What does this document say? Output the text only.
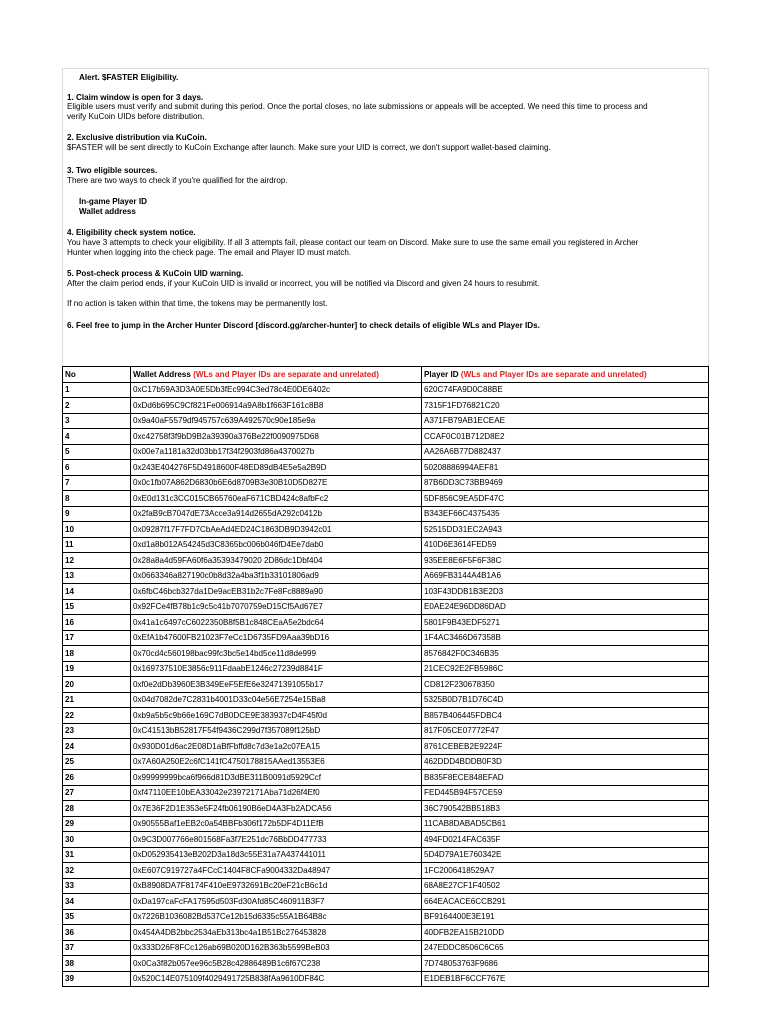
Alert. $FASTER Eligibility.
1. Claim window is open for 3 days.
Eligible users must verify and submit during this period. Once the portal closes, no late submissions or appeals will be accepted. We need this time to process and
verify KuCoin UIDs before distribution.
2. Exclusive distribution via KuCoin.
$FASTER will be sent directly to KuCoin Exchange after launch. Make sure your UID is correct, we don't support wallet-based claiming.
3. Two eligible sources.
There are two ways to check if you're qualified for the airdrop.
In-game Player ID
Wallet address
4. Eligibility check system notice.
You have 3 attempts to check your eligibility. If all 3 attempts fail, please contact our team on Discord. Make sure to use the same email you registered in Archer
Hunter when logging into the check page. The email and Player ID must match.
5. Post-check process & KuCoin UID warning.
After the claim period ends, if your KuCoin UID is invalid or incorrect, you will be notified via Discord and given 24 hours to resubmit.
If no action is taken within that time, the tokens may be permanently lost.
6. Feel free to jump in the Archer Hunter Discord [discord.gg/archer-hunter] to check details of eligible WLs and Player IDs.
No	Wallet Address (WLs and Player IDs are separate and unrelated)	Player ID (WLs and Player IDs are separate and unrelated)
1	0xC17b59A3D3A0E5Db3fEc994C3ed78c4E0DE6402c	620C74FA9D0C88BE
2	0xDd6b695C9Cf821Fe006914a9A8b1f663F161c8B8	7315F1FD76821C20
3	0x9a40aF5579df945757c639A492570c90e185e9a	A371FB79AB1ECEAE
4	0xc42758f3f9bD9B2a39390a376Be22f0090975D68	CCAF0C01B712D8E2
5	0x00e7a1181a32d03bb17f34f2903fd86a4370027b	AA26A6B77D882437
6	0x243E404276F5D4918600F48ED89dB4E5e5a2B9D	50208886994AEF81
7	0x0c1fb07A862D6830b6E6d8709B3e30B10D5D827E	87B6DD3C73BB9469
8	0xE0d131c3CC015CB65760eaF671CBD424c8afbFc2	5DF856C9EA5DF47C
9	0x2faB9cB7047dE73Acce3a914d2655dA292c0412b	B343EF66C4375435
10	0x09287f17F7FD7CbAeAd4ED24C1863DB9D3942c01	52515DD31EC2A943
11	0xd1a8b012A54245d3C8365bc006b046fD4Ee7dab0	410D6E3614FED59
12	0x28a8a4d59FA60f6a35393479020 2D86dc1Dbf404	935EE8E6F5F6F38C
13	0x0663346a827190c0b8d32a4ba3f1b33101806ad9	A669FB3144A4B1A6
14	0x6fbC46bcb327da1De9acEB31b2c7Fe8Fc8889a90	103F43DDB1B3E2D3
15	0x92FCe4fB78b1c9c5c41b7070759eD15Cf5Ad67E7	E0AE24E96DD86DAD
16	0x41a1c6497cC6022350B8f5B1c848CEaA5e2bdc64	5801F9B43EDF5271
17	0xEfA1b47600FB21023F7eCc1D6735FD9Aaa39bD16	1F4AC3466D67358B
18	0x70cd4c560198bac99fc3bc5e14bd5ce11d8de999	8576842F0C346B35
19	0x169737510E3856c911FdaabE1246c27239d8841F	21CEC92E2FB5986C
20	0xf0e2dDb3960E3B349EeF5EfE6e32471391055b17	CD812F230678350
21	0x04d7082de7C2831b4001D33c04e56E7254e15Ba8	5325B0D7B1D76C4D
22	0xb9a5b5c9b66e169C7dB0DCE9E383937cD4F45f0d	B857B406445FDBC4
23	0xC41513bB52817F54f9436C299d7f357089f125bD	817F05CE07772F47
24	0x930D01d6ac2E08D1aBfFbffd8c7d3e1a2c07EA15	8761CEBEB2E9224F
25	0x7A60A250E2c6fC141fC4750178815AAed13553E6	462DDD4BDDB0F3D
26	0x99999999bca6f966d81D3dBE311B0091d5929Ccf	B835F8ECE848EFAD
27	0xf47110EE10bEA33042e23972171Aba71d26f4Ef0	FED445B94F57CE59
28	0x7E36F2D1E353e5F24fb06190B6eD4A3Fb2ADCA56	36C790542BB518B3
29	0x90555Baf1eEB2c0a54BBFb306f172b5DF4D11EfB	11CAB8DABAD5CB61
30	0x9C3D007766e801568Fa3f7E251dc76BbDD477733	494FD0214FAC635F
31	0xD052935413eB202D3a18d3c55E31a7A437441011	5D4D79A1E760342E
32	0xE607C919727a4FCcC1404F8CFa9004332Da48947	1FC2006418529A7
33	0xB8908DA7F8174F410eE9732691Bc20eF21cB6c1d	68A8E27CF1F40502
34	0xDa197caFcFA17595d503Fd30Afd85C460911B3F7	664EACACE6CCB291
35	0x7226B1036082Bd537Ce12b15d6335c55A1B64B8c	BF9164400E3E191
36	0x454A4DB2bbc2534aEb313bc4a1B51Bc276453828	40DFB2EA15B210DD
37	0x333D26F8FCc126ab69B020D162B363b5599BeB03	247EDDC8506C6C65
38	0x0Ca3f82b057ee96c5B28c42886489B1c6f67C238	7D748053763F9686
39	0x520C14E075109f4029491725B838fAa9610DF84C	E1DEB1BF6CCF767E
